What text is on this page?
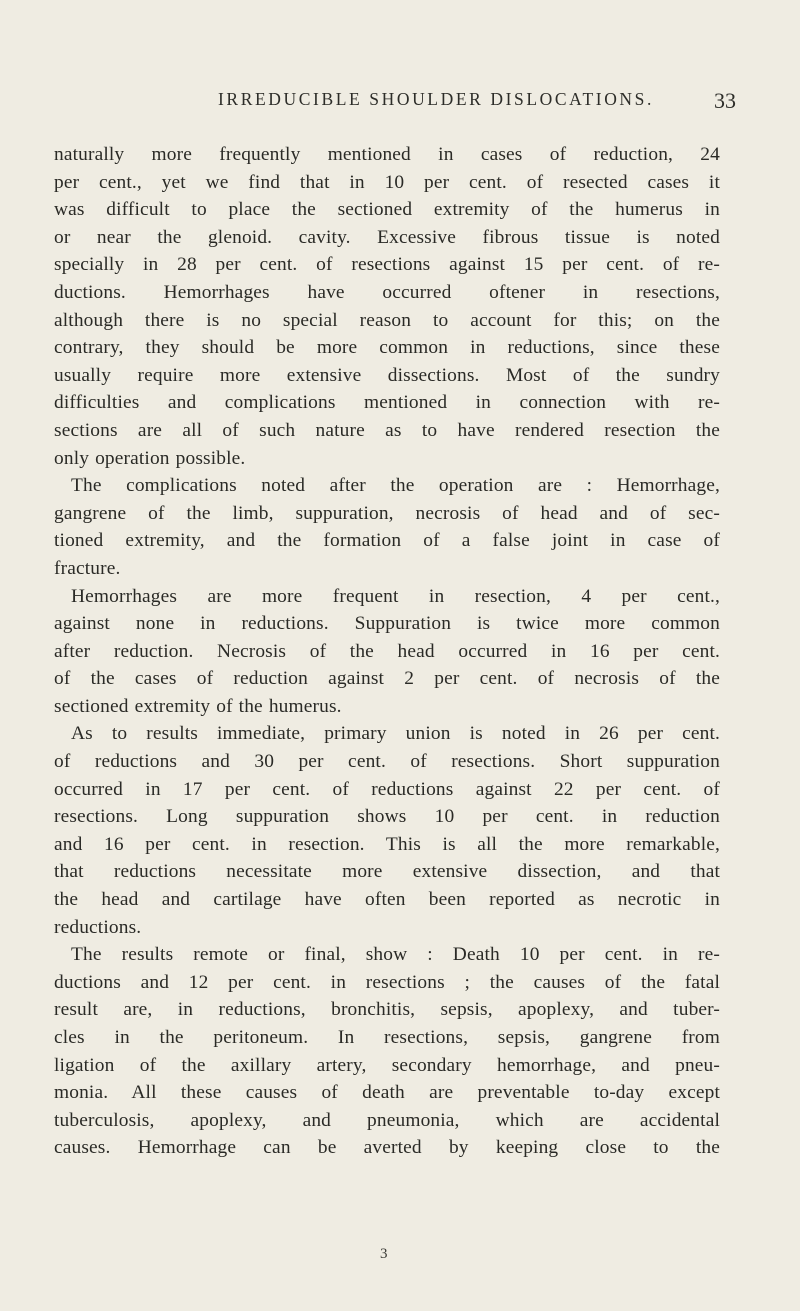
IRREDUCIBLE SHOULDER DISLOCATIONS.	33
naturally more frequently mentioned in cases of reduction, 24
per cent., yet we find that in 10 per cent. of resected cases it
was difficult to place the sectioned extremity of the humerus in
or near the glenoid. cavity. Excessive fibrous tissue is noted
specially in 28 per cent. of resections against 15 per cent. of re-
ductions. Hemorrhages have occurred oftener in resections,
although there is no special reason to account for this; on the
contrary, they should be more common in reductions, since these
usually require more extensive dissections. Most of the sundry
difficulties and complications mentioned in connection with re-
sections are all of such nature as to have rendered resection the
only operation possible.
The complications noted after the operation are : Hemorrhage,
gangrene of the limb, suppuration, necrosis of head and of sec-
tioned extremity, and the formation of a false joint in case of
fracture.
Hemorrhages are more frequent in resection, 4 per cent.,
against none in reductions. Suppuration is twice more common
after reduction. Necrosis of the head occurred in 16 per cent.
of the cases of reduction against 2 per cent. of necrosis of the
sectioned extremity of the humerus.
As to results immediate, primary union is noted in 26 per cent.
of reductions and 30 per cent. of resections. Short suppuration
occurred in 17 per cent. of reductions against 22 per cent. of
resections. Long suppuration shows 10 per cent. in reduction
and 16 per cent. in resection. This is all the more remarkable,
that reductions necessitate more extensive dissection, and that
the head and cartilage have often been reported as necrotic in
reductions.
The results remote or final, show : Death 10 per cent. in re-
ductions and 12 per cent. in resections ; the causes of the fatal
result are, in reductions, bronchitis, sepsis, apoplexy, and tuber-
cles in the peritoneum. In resections, sepsis, gangrene from
ligation of the axillary artery, secondary hemorrhage, and pneu-
monia. All these causes of death are preventable to-day except
tuberculosis, apoplexy, and pneumonia, which are accidental
causes. Hemorrhage can be averted by keeping close to the
3
